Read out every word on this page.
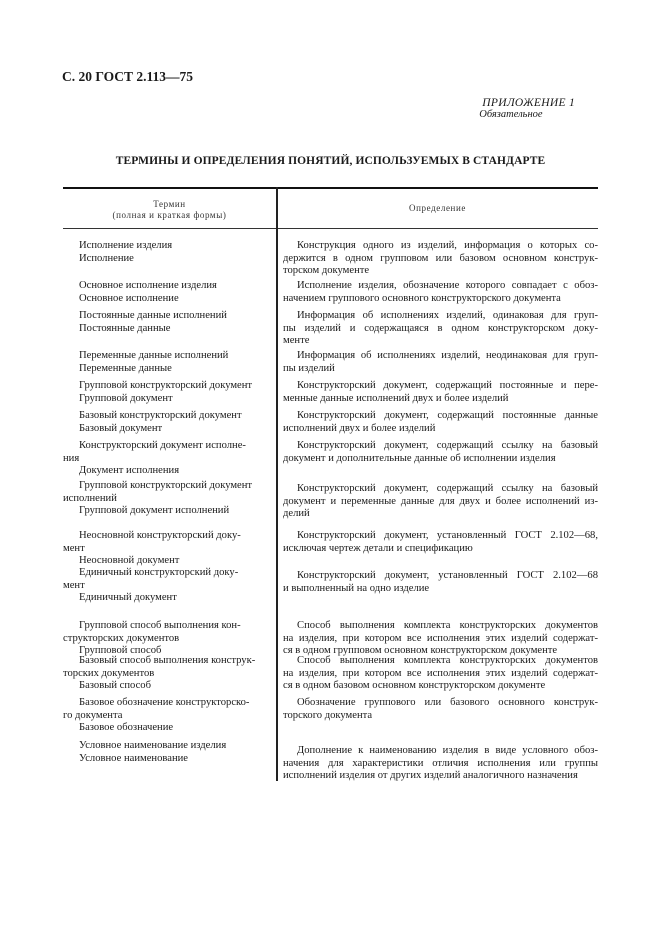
С. 20 ГОСТ 2.113—75
ПРИЛОЖЕНИЕ 1
Обязательное
ТЕРМИНЫ И ОПРЕДЕЛЕНИЯ ПОНЯТИЙ, ИСПОЛЬЗУЕМЫХ В СТАНДАРТЕ
Термин
(полная и краткая формы)
Определение
Исполнение изделия
Исполнение
Конструкция одного из изделий, информация о которых со-
держится в одном групповом или базовом основном конструк-
торском документе
Основное исполнение изделия
Основное исполнение
Исполнение изделия, обозначение которого совпадает с обоз-
начением группового основного конструкторского документа
Постоянные данные исполнений
Постоянные данные
Информация об исполнениях изделий, одинаковая для груп-
пы изделий и содержащаяся в одном конструкторском доку-
менте
Переменные данные исполнений
Переменные данные
Информация об исполнениях изделий, неодинаковая для груп-
пы изделий
Групповой конструкторский документ
Групповой документ
Конструкторский документ, содержащий постоянные и пере-
менные данные исполнений двух и более изделий
Базовый конструкторский документ
Базовый документ
Конструкторский документ, содержащий постоянные данные
исполнений двух и более изделий
Конструкторский документ исполне-
ния
Документ исполнения
Конструкторский документ, содержащий ссылку на базовый
документ и дополнительные данные об исполнении изделия
Групповой конструкторский документ
исполнений
Групповой документ исполнений
Конструкторский документ, содержащий ссылку на базовый
документ и переменные данные для двух и более исполнений из-
делий
Неосновной конструкторский доку-
мент
Неосновной документ
Конструкторский документ, установленный ГОСТ 2.102—68,
исключая чертеж детали и спецификацию
Единичный конструкторский доку-
мент
Единичный документ
Конструкторский документ, установленный ГОСТ 2.102—68
и выполненный на одно изделие
Групповой способ выполнения кон-
структорских документов
Групповой способ
Способ выполнения комплекта конструкторских документов
на изделия, при котором все исполнения этих изделий содержат-
ся в одном групповом основном конструкторском документе
Базовый способ выполнения конструк-
торских документов
Базовый способ
Способ выполнения комплекта конструкторских документов
на изделия, при котором все исполнения этих изделий содержат-
ся в одном базовом основном конструкторском документе
Базовое обозначение конструкторско-
го документа
Базовое обозначение
Обозначение группового или базового основного конструк-
торского документа
Условное наименование изделия
Условное наименование
Дополнение к наименованию изделия в виде условного обоз-
начения для характеристики отличия исполнения или группы
исполнений изделия от других изделий аналогичного назначения
